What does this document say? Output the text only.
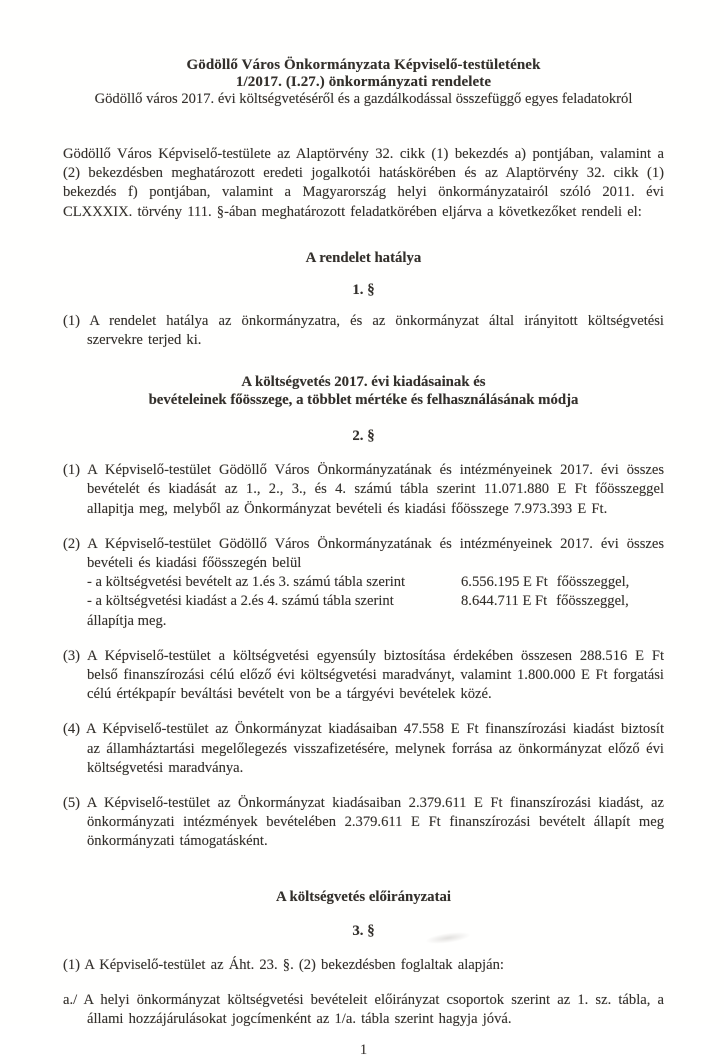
Gödöllő Város Önkormányzata Képviselő-testületének
1/2017. (I.27.) önkormányzati rendelete
Gödöllő város 2017. évi költségvetéséről és a gazdálkodással összefüggő egyes feladatokról

Gödöllő Város Képviselő-testülete az Alaptörvény 32. cikk (1) bekezdés a) pontjában, valamint a (2) bekezdésben meghatározott eredeti jogalkotói hatáskörében és az Alaptörvény 32. cikk (1) bekezdés f) pontjában, valamint a Magyarország helyi önkormányzatairól szóló 2011. évi CLXXXIX. törvény 111. §-ában meghatározott feladatkörében eljárva a következőket rendeli el:

A rendelet hatálya
1. §

(1) A rendelet hatálya az önkormányzatra, és az önkormányzat által irányitott költségvetési szervekre terjed ki.

A költségvetés 2017. évi kiadásainak és
bevételeinek főösszege, a többlet mértéke és felhasználásának módja
2. §

(1) A Képviselő-testület Gödöllő Város Önkormányzatának és intézményeinek 2017. évi összes bevételét és kiadását az 1., 2., 3., és 4. számú tábla szerint 11.071.880 E Ft főösszeggel allapitja meg, melyből az Önkormányzat bevételi és kiadási főösszege 7.973.393 E Ft.

(2) A Képviselő-testület Gödöllő Város Önkormányzatának és intézményeinek 2017. évi összes bevételi és kiadási főösszegén belül

- a költségvetési bevételt az 1.és 3. számú tábla szerint	6.556.195 E Ft főösszeggel,
- a költségvetési kiadást a 2.és 4. számú tábla szerint	8.644.711 E Ft főösszeggel,
állapítja meg.

(3) A Képviselő-testület a költségvetési egyensúly biztosítása érdekében összesen 288.516 E Ft belső finanszírozási célú előző évi költségvetési maradványt, valamint 1.800.000 E Ft forgatási célú értékpapír beváltási bevételt von be a tárgyévi bevételek közé.

(4) A Képviselő-testület az Önkormányzat kiadásaiban 47.558 E Ft finanszírozási kiadást biztosít az államháztartási megelőlegezés visszafizetésére, melynek forrása az önkormányzat előző évi költségvetési maradványa.

(5) A Képviselő-testület az Önkormányzat kiadásaiban 2.379.611 E Ft finanszírozási kiadást, az önkormányzati intézmények bevételében 2.379.611 E Ft finanszírozási bevételt állapít meg önkormányzati támogatásként.

A költségvetés előirányzatai
3. §

(1) A Képviselő-testület az Áht. 23. §. (2) bekezdésben foglaltak alapján:

a./ A helyi önkormányzat költségvetési bevételeit előirányzat csoportok szerint az 1. sz. tábla, a állami hozzájárulásokat jogcímenként az 1/a. tábla szerint hagyja jóvá.

1
